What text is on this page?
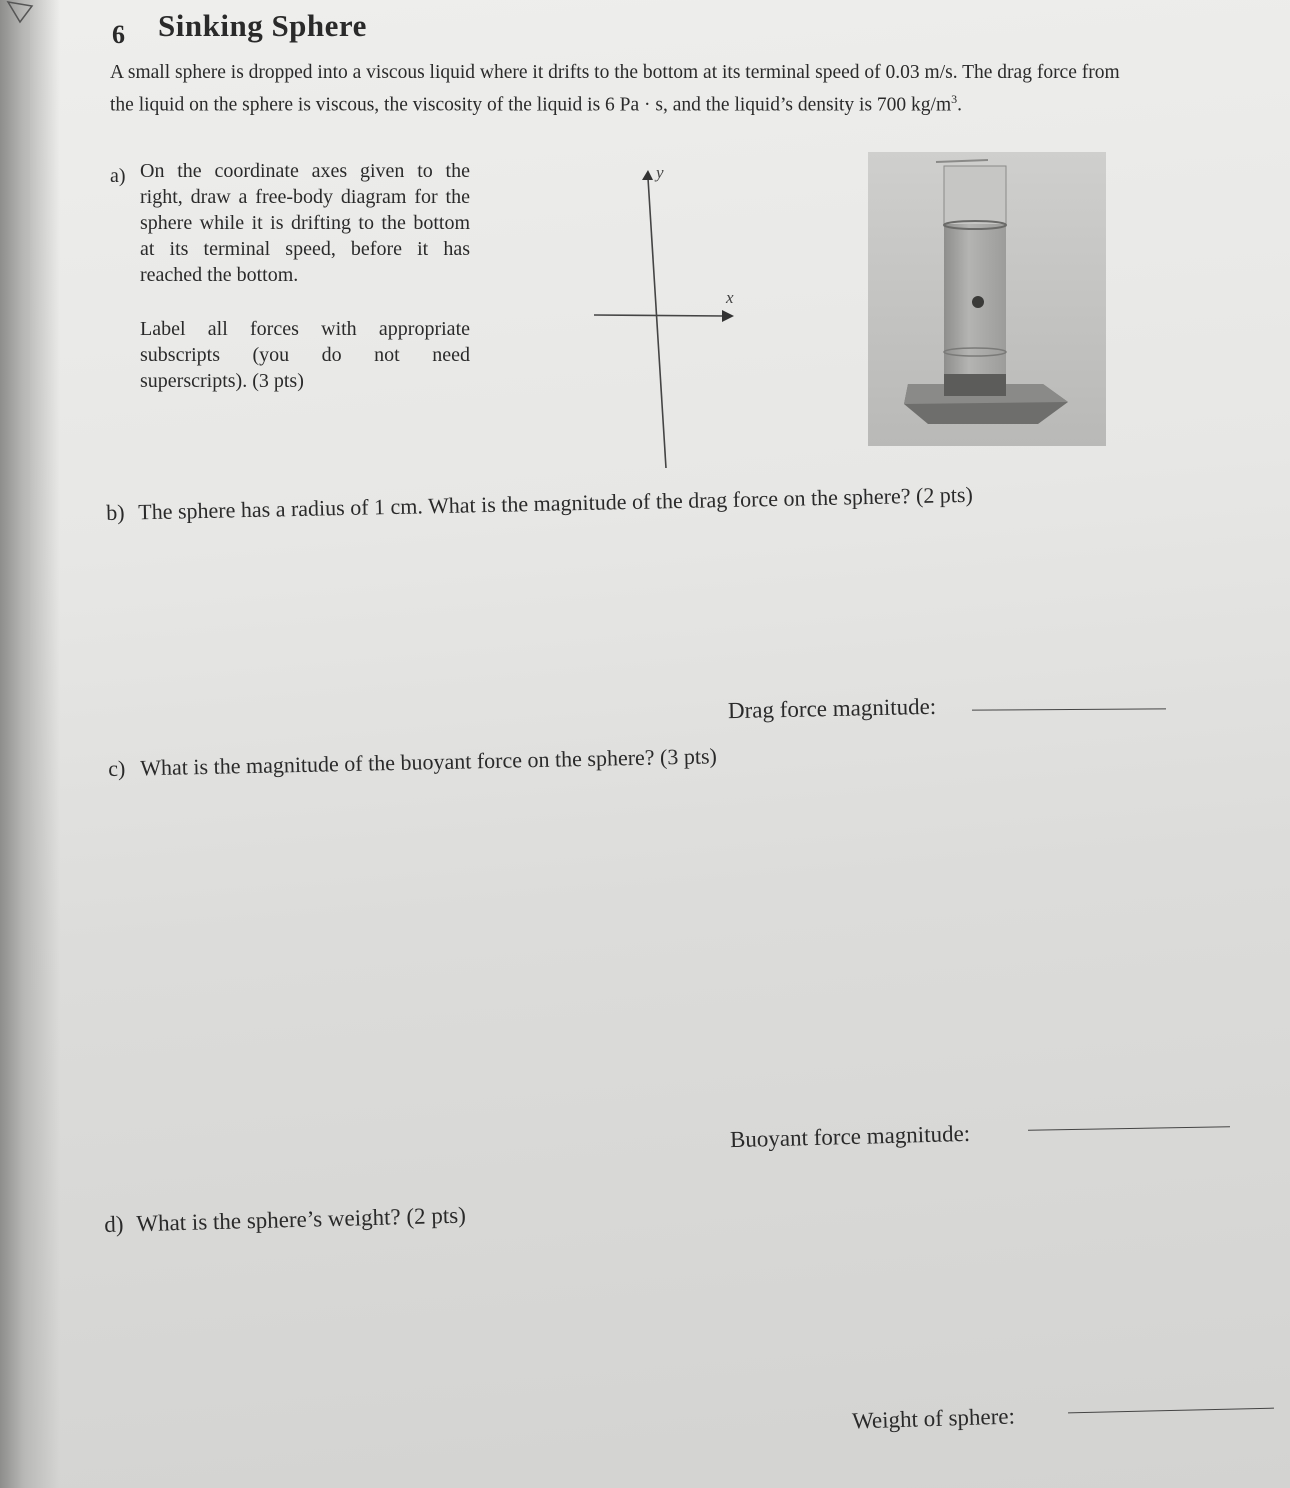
6 Sinking Sphere
A small sphere is dropped into a viscous liquid where it drifts to the bottom at its terminal speed of 0.03 m/s. The drag force from the liquid on the sphere is viscous, the viscosity of the liquid is 6 Pa · s, and the liquid’s density is 700 $kg/m^3$.
a) On the coordinate axes given to the right, draw a free-body diagram for the sphere while it is drifting to the bottom at its terminal speed, before it has reached the bottom.

Label all forces with appropriate subscripts (you do not need superscripts). (3 pts)

y
x
b) The sphere has a radius of 1 cm. What is the magnitude of the drag force on the sphere? (2 pts)
Drag force magnitude:
c) What is the magnitude of the buoyant force on the sphere? (3 pts)
Buoyant force magnitude:
d) What is the sphere’s weight? (2 pts)
Weight of sphere:
